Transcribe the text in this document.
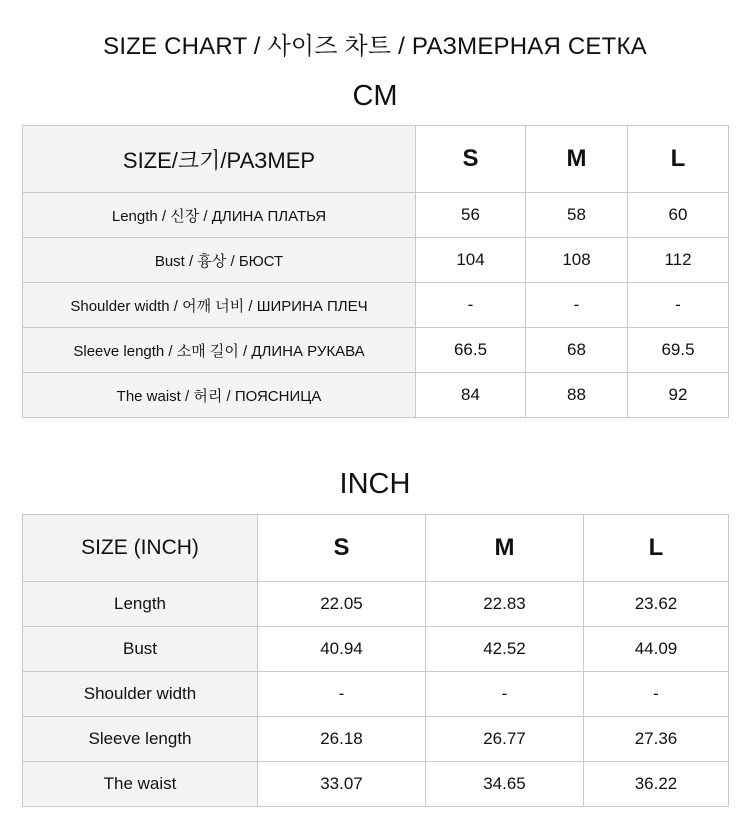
SIZE CHART / 사이즈 차트 / РАЗМЕРНАЯ СЕТКА
CM
SIZE/크기/РАЗМЕР	S	M	L
Length / 신장 / ДЛИНА ПЛАТЬЯ	56	58	60
Bust / 흉상 / БЮСТ	104	108	112
Shoulder width / 어깨 너비 / ШИРИНА ПЛЕЧ	-	-	-
Sleeve length / 소매 길이 / ДЛИНА РУКАВА	66.5	68	69.5
The waist / 허리 / ПОЯСНИЦА	84	88	92
INCH
SIZE (INCH)	S	M	L
Length	22.05	22.83	23.62
Bust	40.94	42.52	44.09
Shoulder width	-	-	-
Sleeve length	26.18	26.77	27.36
The waist	33.07	34.65	36.22
